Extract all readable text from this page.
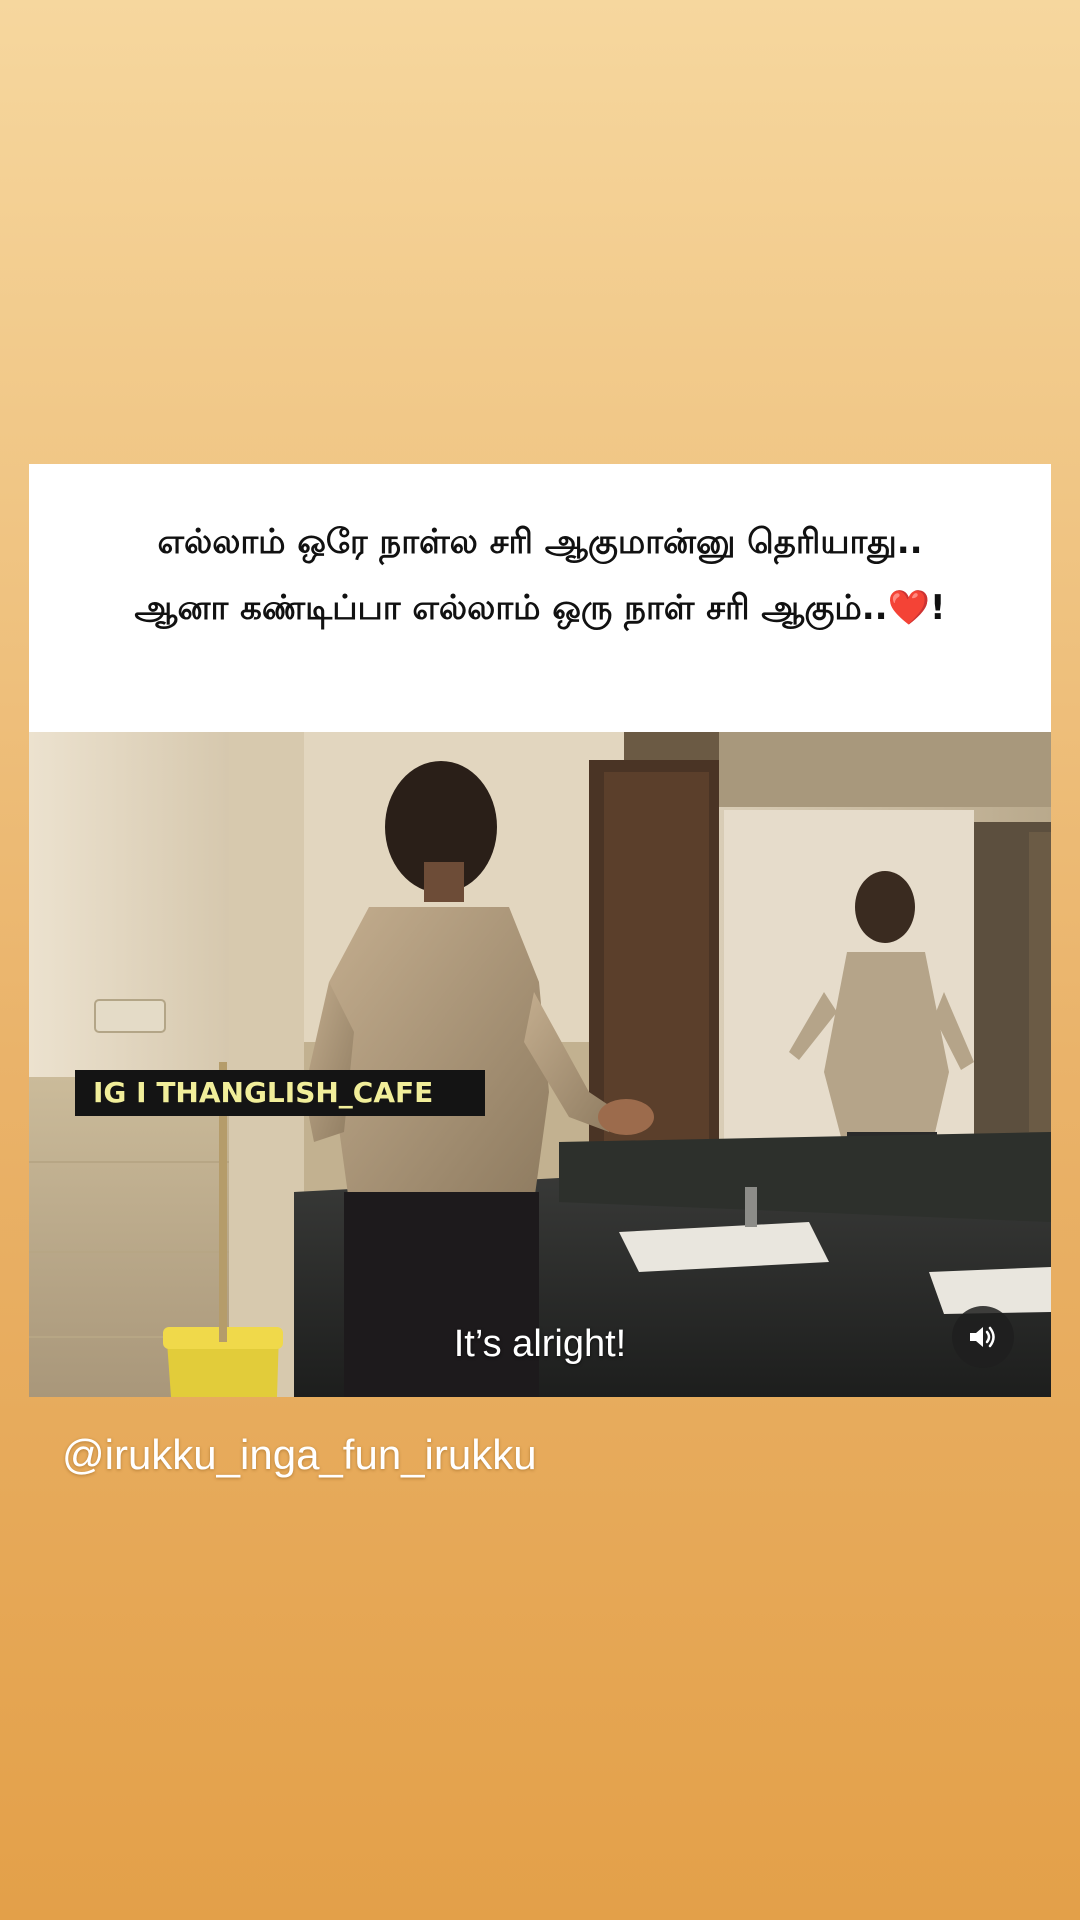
எல்லாம் ஒரே நாள்ல சரி ஆகுமான்னு தெரியாது..
ஆனா கண்டிப்பா எல்லாம் ஒரு நாள் சரி ஆகும்..❤️!
IG I THANGLISH_CAFE
It’s alright!
@irukku_inga_fun_irukku
